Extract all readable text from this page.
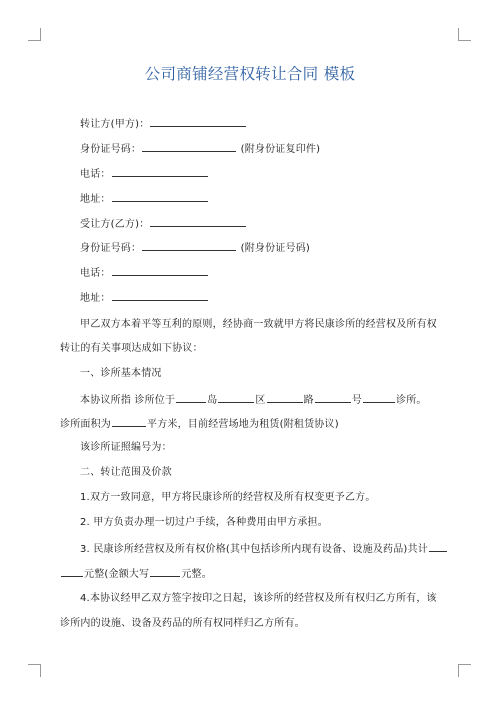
公司商铺经营权转让合同 模板
转让方(甲方)：
身份证号码：	(附身份证复印件)
电话：
地址：
受让方(乙方)：
身份证号码：	(附身份证号码)
电话：
地址：
甲乙双方本着平等互利的原则，经协商一致就甲方将民康诊所的经营权及所有权
转让的有关事项达成如下协议：
一、诊所基本情况
本协议所指 诊所位于	岛	区	路	号	诊所。
诊所面积为	平方米，目前经营场地为租赁(附租赁协议)
该诊所证照编号为：
二、转让范围及价款
1.双方一致同意，甲方将民康诊所的经营权及所有权变更予乙方。
2. 甲方负责办理一切过户手续，各种费用由甲方承担。
3. 民康诊所经营权及所有权价格(其中包括诊所内现有设备、设施及药品)共计
元整(金额大写	元整。
4.本协议经甲乙双方签字按印之日起，该诊所的经营权及所有权归乙方所有，该
诊所内的设施、设备及药品的所有权同样归乙方所有。
